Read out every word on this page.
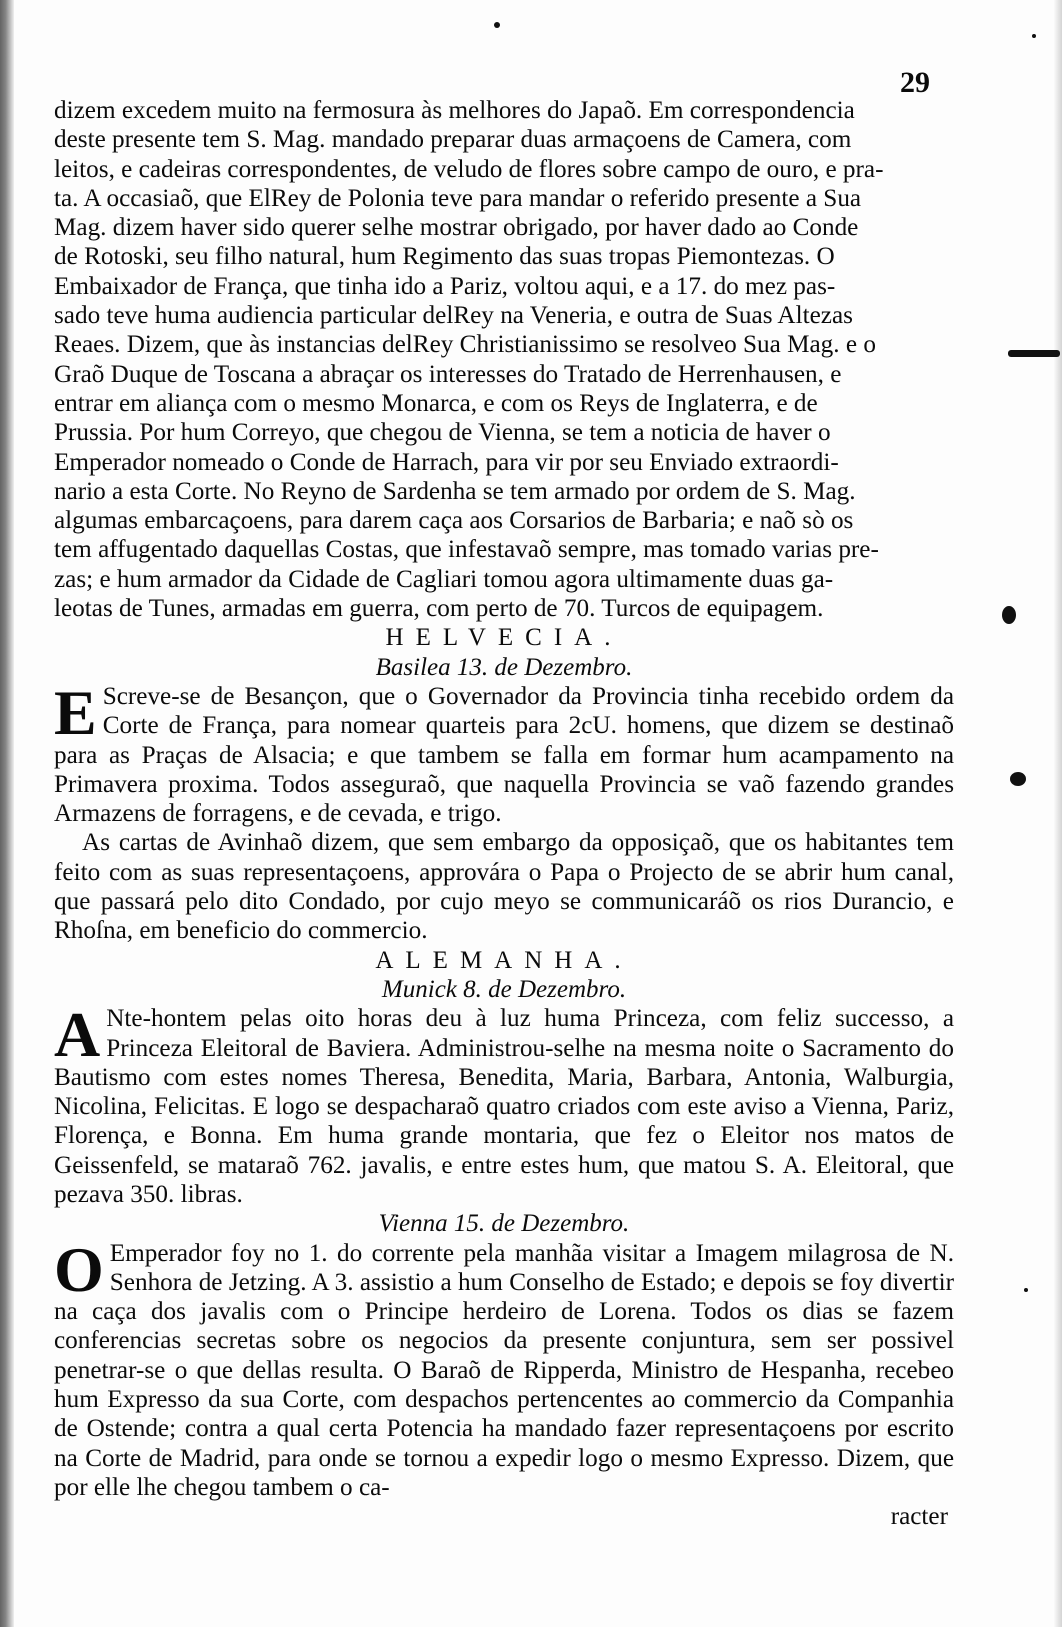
29

dizem excedem muito na fermosura às melhores do Japaõ. Em correspondencia

deste presente tem S. Mag. mandado preparar duas armaçoens de Camera, com

leitos, e cadeiras correspondentes, de veludo de flores sobre campo de ouro, e pra-

ta. A occasiaõ, que ElRey de Polonia teve para mandar o referido presente a Sua

Mag. dizem haver sido querer selhe mostrar obrigado, por haver dado ao Conde

de Rotoski, seu filho natural, hum Regimento das suas tropas Piemontezas. O

Embaixador de França, que tinha ido a Pariz, voltou aqui, e a 17. do mez pas-

sado teve huma audiencia particular delRey na Veneria, e outra de Suas Altezas

Reaes. Dizem, que às instancias delRey Christianissimo se resolveo Sua Mag. e o

Graõ Duque de Toscana a abraçar os interesses do Tratado de Herrenhausen, e

entrar em aliança com o mesmo Monarca, e com os Reys de Inglaterra, e de

Prussia. Por hum Correyo, que chegou de Vienna, se tem a noticia de haver o

Emperador nomeado o Conde de Harrach, para vir por seu Enviado extraordi-

nario a esta Corte. No Reyno de Sardenha se tem armado por ordem de S. Mag.

algumas embarcaçoens, para darem caça aos Corsarios de Barbaria; e naõ sò os

tem affugentado daquellas Costas, que infestavaõ sempre, mas tomado varias pre-

zas; e hum armador da Cidade de Cagliari tomou agora ultimamente duas ga-

leotas de Tunes, armadas em guerra, com perto de 70. Turcos de equipagem.

HELVECIA.

Basilea 13. de Dezembro.

E Screve-se de Besançon, que o Governador da Provincia tinha recebido ordem da Corte de França, para nomear quarteis para 2cU. homens, que dizem se destinaõ para as Praças de Alsacia; e que tambem se falla em formar hum acampamento na Primavera proxima. Todos asseguraõ, que naquella Provincia se vaõ fazendo grandes Armazens de forragens, e de cevada, e trigo.

As cartas de Avinhaõ dizem, que sem embargo da opposiçaõ, que os habitantes tem feito com as suas representaçoens, approvára o Papa o Projecto de se abrir hum canal, que passará pelo dito Condado, por cujo meyo se communicaráõ os rios Durancio, e Rhoſna, em beneficio do commercio.

ALEMANHA.

Munick 8. de Dezembro.

A Nte-hontem pelas oito horas deu à luz huma Princeza, com feliz successo, a Princeza Eleitoral de Baviera. Administrou-selhe na mesma noite o Sacramento do Bautismo com estes nomes Theresa, Benedita, Maria, Barbara, Antonia, Walburgia, Nicolina, Felicitas. E logo se despacharaõ quatro criados com este aviso a Vienna, Pariz, Florença, e Bonna. Em huma grande montaria, que fez o Eleitor nos matos de Geissenfeld, se mataraõ 762. javalis, e entre estes hum, que matou S. A. Eleitoral, que pezava 350. libras.

Vienna 15. de Dezembro.

O Emperador foy no 1. do corrente pela manhãa visitar a Imagem milagrosa de N. Senhora de Jetzing. A 3. assistio a hum Conselho de Estado; e depois se foy divertir na caça dos javalis com o Principe herdeiro de Lorena. Todos os dias se fazem conferencias secretas sobre os negocios da presente conjuntura, sem ser possivel penetrar-se o que dellas resulta. O Baraõ de Ripperda, Ministro de Hespanha, recebeo hum Expresso da sua Corte, com despachos pertencentes ao commercio da Companhia de Ostende; contra a qual certa Potencia ha mandado fazer representaçoens por escrito na Corte de Madrid, para onde se tornou a expedir logo o mesmo Expresso. Dizem, que por elle lhe chegou tambem o ca-

racter
